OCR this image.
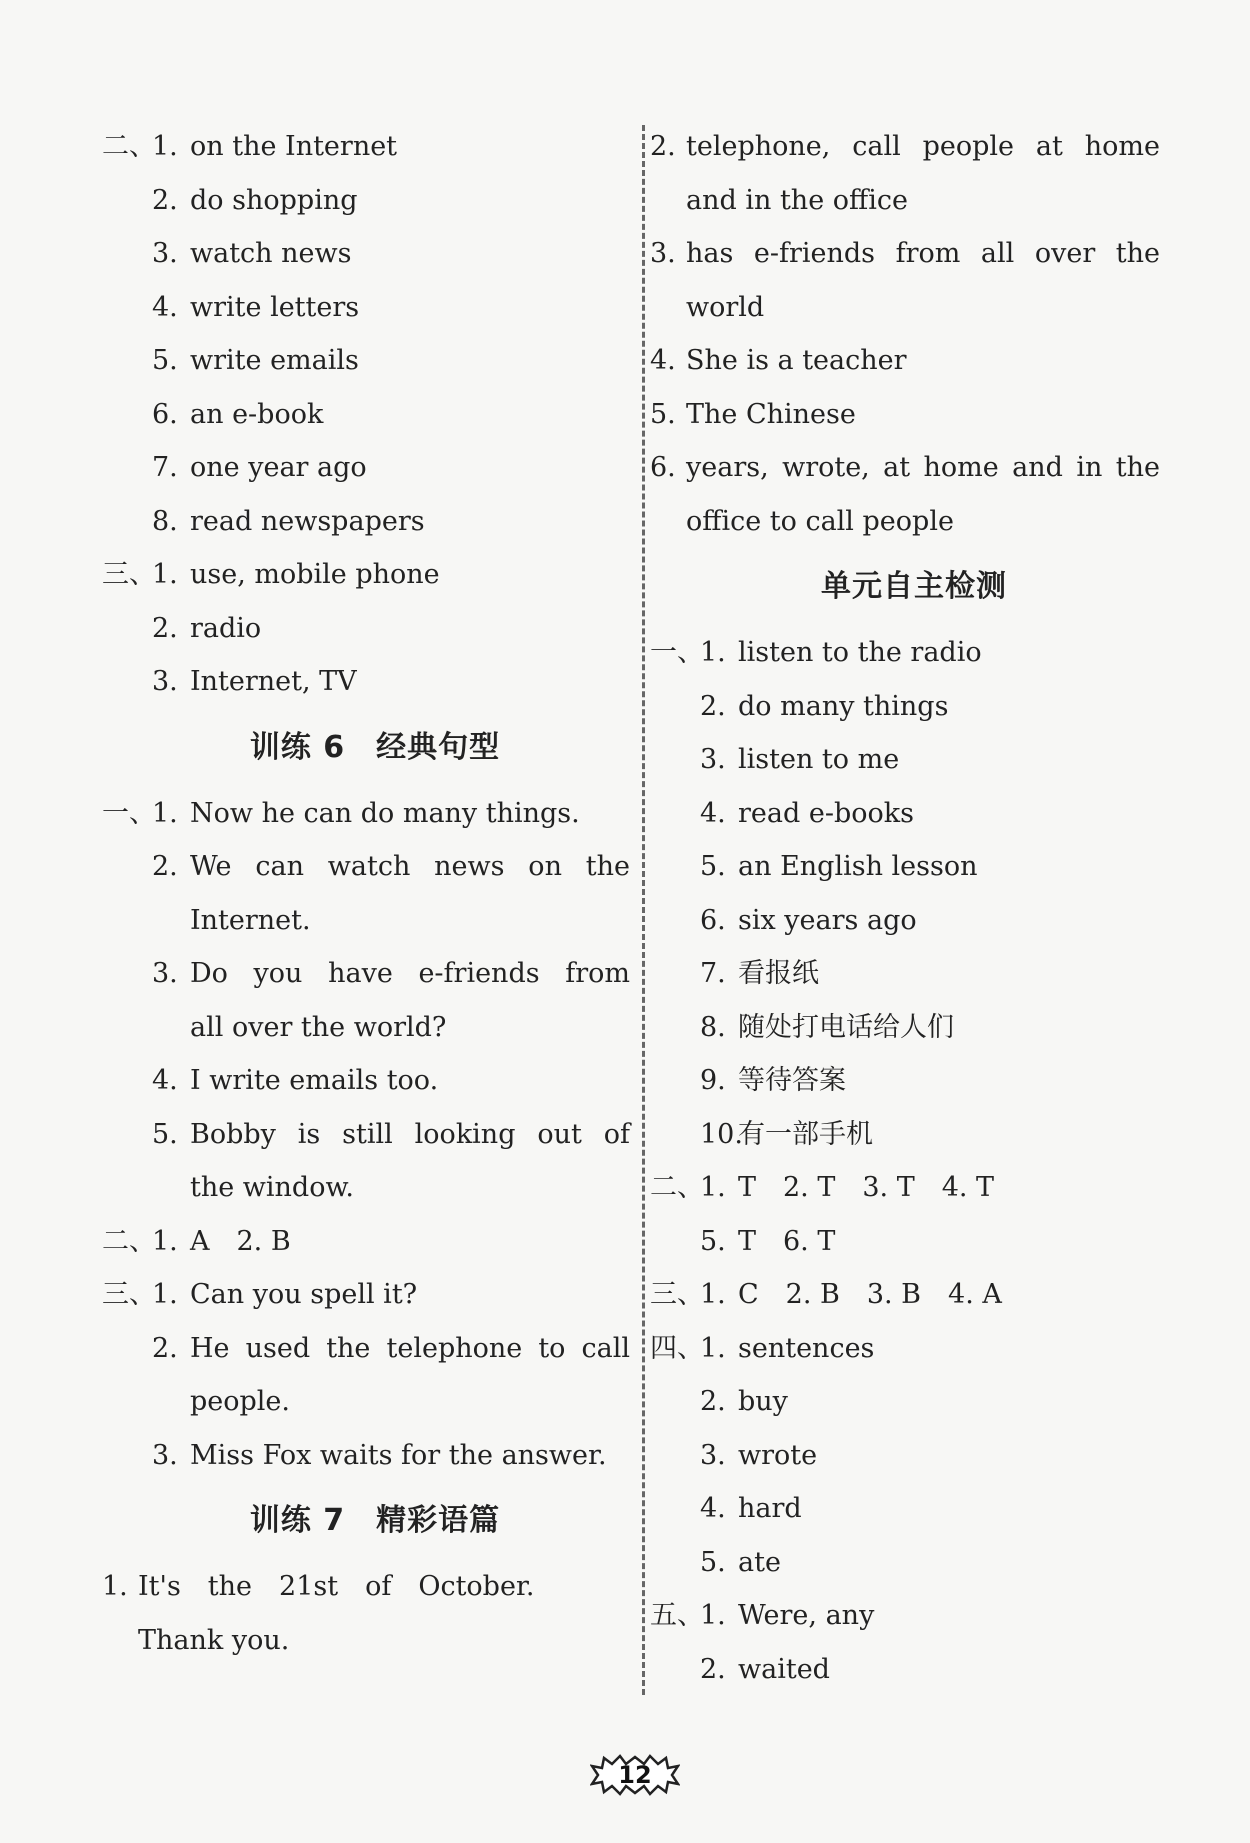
二、
1. on the Internet
2. do shopping
3. watch news
4. write letters
5. write emails
6. an e-book
7. one year ago
8. read newspapers
三、
1. use, mobile phone
2. radio
3. Internet, TV
训练 6　经典句型
一、
1. Now he can do many things.
2. We can watch news on the
Internet.
3. Do you have e-friends from
all over the world?
4. I write emails too.
5. Bobby is still looking out of
the window.
二、
1. A　2. B
三、
1. Can you spell it?
2. He used the telephone to call
people.
3. Miss Fox waits for the answer.
训练 7　精彩语篇
1. It's　the　21st　of　October.
Thank you.
2. telephone, call people at home
and in the office
3. has e-friends from all over the
world
4. She is a teacher
5. The Chinese
6. years, wrote, at home and in the
office to call people
单元自主检测
一、
1. listen to the radio
2. do many things
3. listen to me
4. read e-books
5. an English lesson
6. six years ago
7. 看报纸
8. 随处打电话给人们
9. 等待答案
10.
有一部手机
二、
1. T　2. T　3. T　4. T
5. T　6. T
三、
1. C　2. B　3. B　4. A
四、
1. sentences
2. buy
3. wrote
4. hard
5. ate
五、
1. Were, any
2. waited
12
